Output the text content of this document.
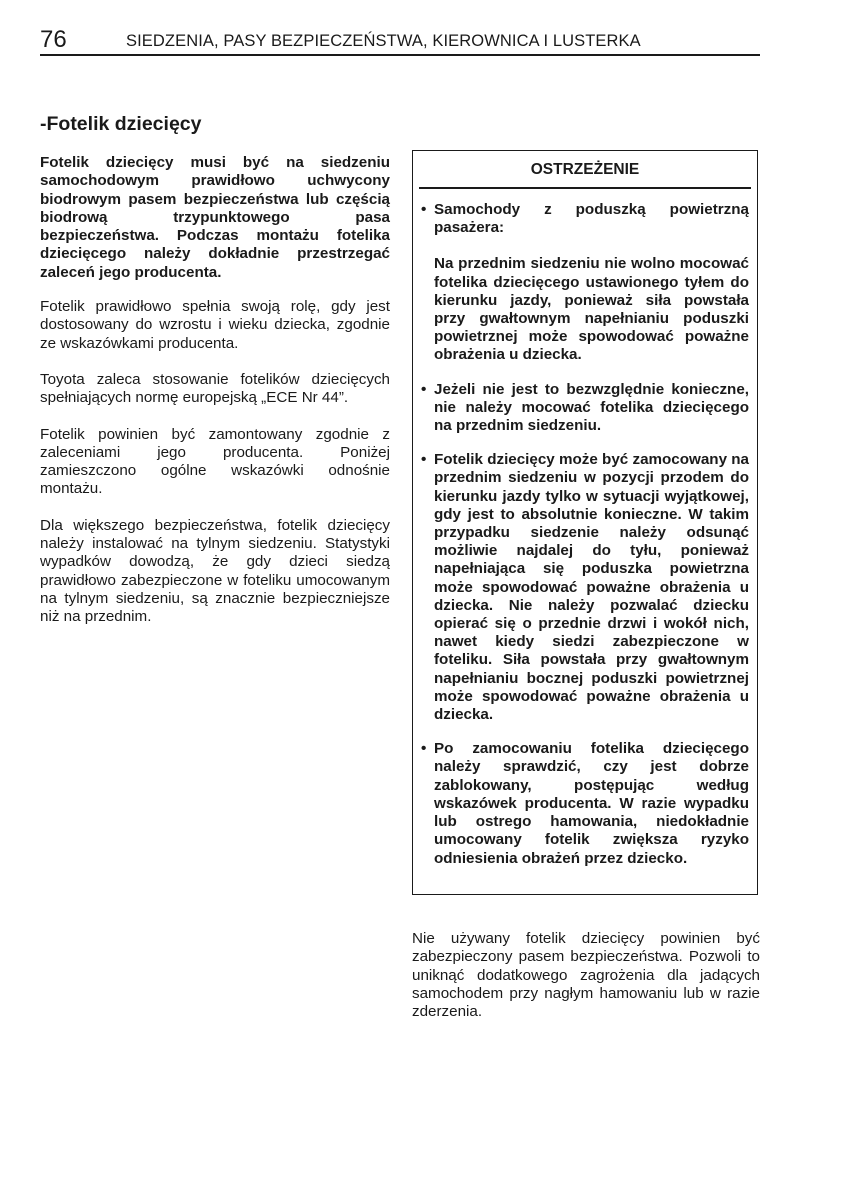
76	SIEDZENIA, PASY BEZPIECZEŃSTWA, KIEROWNICA I LUSTERKA
-Fotelik dziecięcy

Fotelik dziecięcy musi być na siedzeniu samochodowym prawidłowo uchwycony biodrowym pasem bezpieczeństwa lub częścią biodrową trzypunktowego pasa bezpieczeństwa. Podczas montażu fotelika dziecięcego należy dokładnie przestrzegać zaleceń jego producenta.

Fotelik prawidłowo spełnia swoją rolę, gdy jest dostosowany do wzrostu i wieku dziecka, zgodnie ze wskazówkami producenta.

Toyota zaleca stosowanie fotelików dziecięcych spełniających normę europejską „ECE Nr 44”.

Fotelik powinien być zamontowany zgodnie z zaleceniami jego producenta. Poniżej zamieszczono ogólne wskazówki odnośnie montażu.

Dla większego bezpieczeństwa, fotelik dziecięcy należy instalować na tylnym siedzeniu. Statystyki wypadków dowodzą, że gdy dzieci siedzą prawidłowo zabezpieczone w foteliku umocowanym na tylnym siedzeniu, są znacznie bezpieczniejsze niż na przednim.

OSTRZEŻENIE
• Samochody z poduszką powietrzną pasażera:

Na przednim siedzeniu nie wolno mocować fotelika dziecięcego ustawionego tyłem do kierunku jazdy, ponieważ siła powstała przy gwałtownym napełnianiu poduszki powietrznej może spowodować poważne obrażenia u dziecka.

• Jeżeli nie jest to bezwzględnie konieczne, nie należy mocować fotelika dziecięcego na przednim siedzeniu.

• Fotelik dziecięcy może być zamocowany na przednim siedzeniu w pozycji przodem do kierunku jazdy tylko w sytuacji wyjątkowej, gdy jest to absolutnie konieczne. W takim przypadku siedzenie należy odsunąć możliwie najdalej do tyłu, ponieważ napełniająca się poduszka powietrzna może spowodować poważne obrażenia u dziecka. Nie należy pozwalać dziecku opierać się o przednie drzwi i wokół nich, nawet kiedy siedzi zabezpieczone w foteliku. Siła powstała przy gwałtownym napełnianiu bocznej poduszki powietrznej może spowodować poważne obrażenia u dziecka.

• Po zamocowaniu fotelika dziecięcego należy sprawdzić, czy jest dobrze zablokowany, postępując według wskazówek producenta. W razie wypadku lub ostrego hamowania, niedokładnie umocowany fotelik zwiększa ryzyko odniesienia obrażeń przez dziecko.

Nie używany fotelik dziecięcy powinien być zabezpieczony pasem bezpieczeństwa. Pozwoli to uniknąć dodatkowego zagrożenia dla jadących samochodem przy nagłym hamowaniu lub w razie zderzenia.
